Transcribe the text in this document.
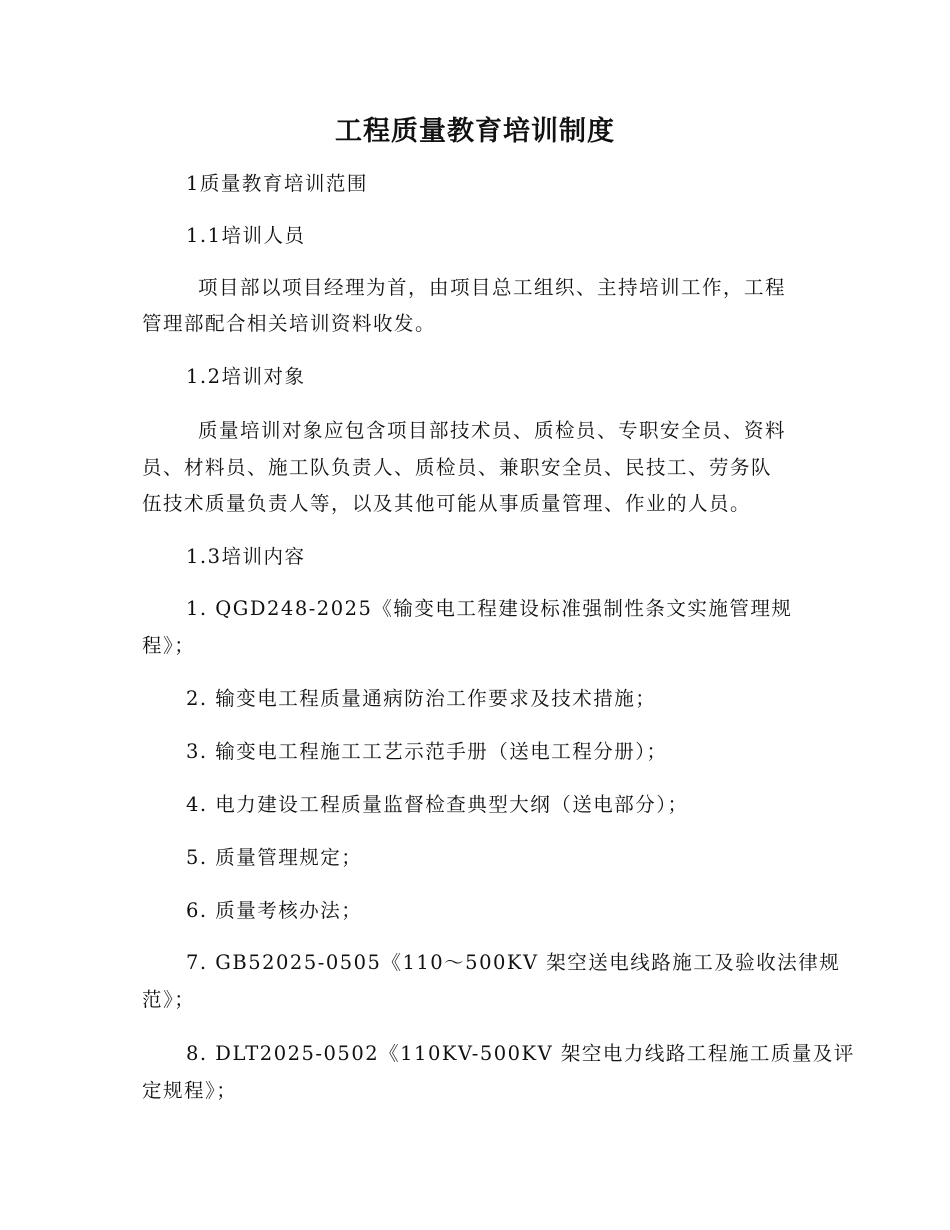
工程质量教育培训制度
1质量教育培训范围
1.1培训人员
项目部以项目经理为首，由项目总工组织、主持培训工作，工程
管理部配合相关培训资料收发。
1.2培训对象
质量培训对象应包含项目部技术员、质检员、专职安全员、资料
员、材料员、施工队负责人、质检员、兼职安全员、民技工、劳务队
伍技术质量负责人等，以及其他可能从事质量管理、作业的人员。
1.3培训内容
1. QGD248-2025《输变电工程建设标准强制性条文实施管理规
程》；
2. 输变电工程质量通病防治工作要求及技术措施；
3. 输变电工程施工工艺示范手册（送电工程分册）；
4. 电力建设工程质量监督检查典型大纲（送电部分）；
5. 质量管理规定；
6. 质量考核办法；
7. GB52025-0505《110～500KV 架空送电线路施工及验收法律规
范》；
8. DLT2025-0502《110KV-500KV 架空电力线路工程施工质量及评
定规程》；
